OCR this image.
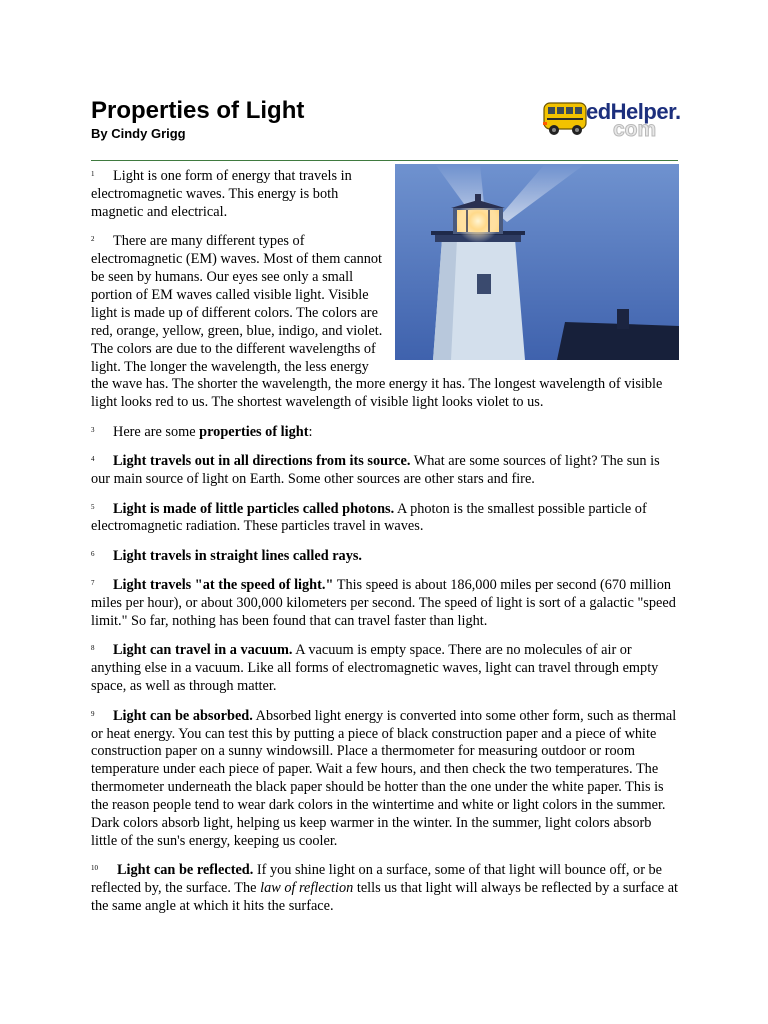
Properties of Light
By Cindy Grigg
edHelper.
com

1 Light is one form of energy that travels in electromagnetic waves. This energy is both magnetic and electrical.

2 There are many different types of electromagnetic (EM) waves. Most of them cannot be seen by humans. Our eyes see only a small portion of EM waves called visible light. Visible light is made up of different colors. The colors are red, orange, yellow, green, blue, indigo, and violet. The colors are due to the different wavelengths of light. The longer the wavelength, the less energy the wave has. The shorter the wavelength, the more energy it has. The longest wavelength of visible light looks red to us. The shortest wavelength of visible light looks violet to us.

3 Here are some properties of light:

4 Light travels out in all directions from its source. What are some sources of light? The sun is our main source of light on Earth. Some other sources are other stars and fire.

5 Light is made of little particles called photons. A photon is the smallest possible particle of electromagnetic radiation. These particles travel in waves.

6 Light travels in straight lines called rays.

7 Light travels "at the speed of light." This speed is about 186,000 miles per second (670 million miles per hour), or about 300,000 kilometers per second. The speed of light is sort of a galactic "speed limit." So far, nothing has been found that can travel faster than light.

8 Light can travel in a vacuum. A vacuum is empty space. There are no molecules of air or anything else in a vacuum. Like all forms of electromagnetic waves, light can travel through empty space, as well as through matter.

9 Light can be absorbed. Absorbed light energy is converted into some other form, such as thermal or heat energy. You can test this by putting a piece of black construction paper and a piece of white construction paper on a sunny windowsill. Place a thermometer for measuring outdoor or room temperature under each piece of paper. Wait a few hours, and then check the two temperatures. The thermometer underneath the black paper should be hotter than the one under the white paper. This is the reason people tend to wear dark colors in the wintertime and white or light colors in the summer. Dark colors absorb light, helping us keep warmer in the winter. In the summer, light colors absorb little of the sun's energy, keeping us cooler.

10 Light can be reflected. If you shine light on a surface, some of that light will bounce off, or be reflected by, the surface. The law of reflection tells us that light will always be reflected by a surface at the same angle at which it hits the surface.
